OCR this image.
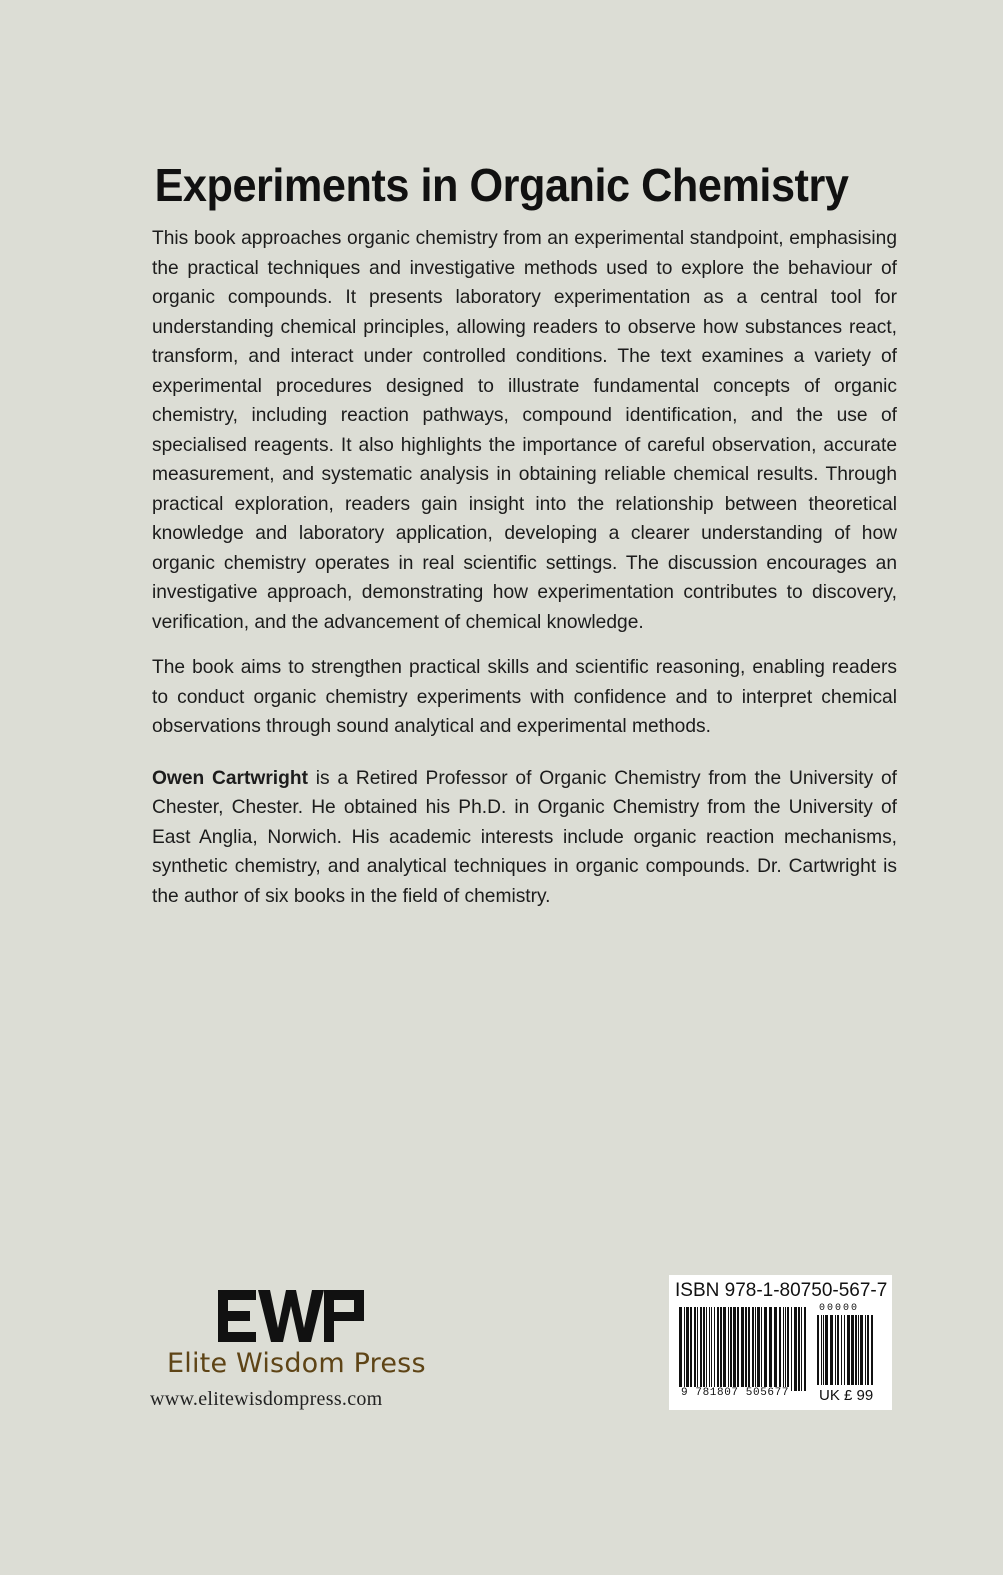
Experiments in Organic Chemistry

This book approaches organic chemistry from an experimental standpoint, emphasising the practical techniques and investigative methods used to explore the behaviour of organic compounds. It presents laboratory experimentation as a central tool for understanding chemical principles, allowing readers to observe how substances react, transform, and interact under controlled conditions. The text examines a variety of experimental procedures designed to illustrate fundamental concepts of organic chemistry, including reaction pathways, compound identification, and the use of specialised reagents. It also highlights the importance of careful observation, accurate measurement, and systematic analysis in obtaining reliable chemical results. Through practical exploration, readers gain insight into the relationship between theoretical knowledge and laboratory application, developing a clearer understanding of how organic chemistry operates in real scientific settings. The discussion encourages an investigative approach, demonstrating how experimentation contributes to discovery, verification, and the advancement of chemical knowledge.

The book aims to strengthen practical skills and scientific reasoning, enabling readers to conduct organic chemistry experiments with confidence and to interpret chemical observations through sound analytical and experimental methods.

Owen Cartwright is a Retired Professor of Organic Chemistry from the University of Chester, Chester. He obtained his Ph.D. in Organic Chemistry from the University of East Anglia, Norwich. His academic interests include organic reaction mechanisms, synthetic chemistry, and analytical techniques in organic compounds. Dr. Cartwright is the author of six books in the field of chemistry.

Elite Wisdom Press
www.elitewisdompress.com
ISBN 978-1-80750-567-7
00000
9 781807 505677 UK £ 99
